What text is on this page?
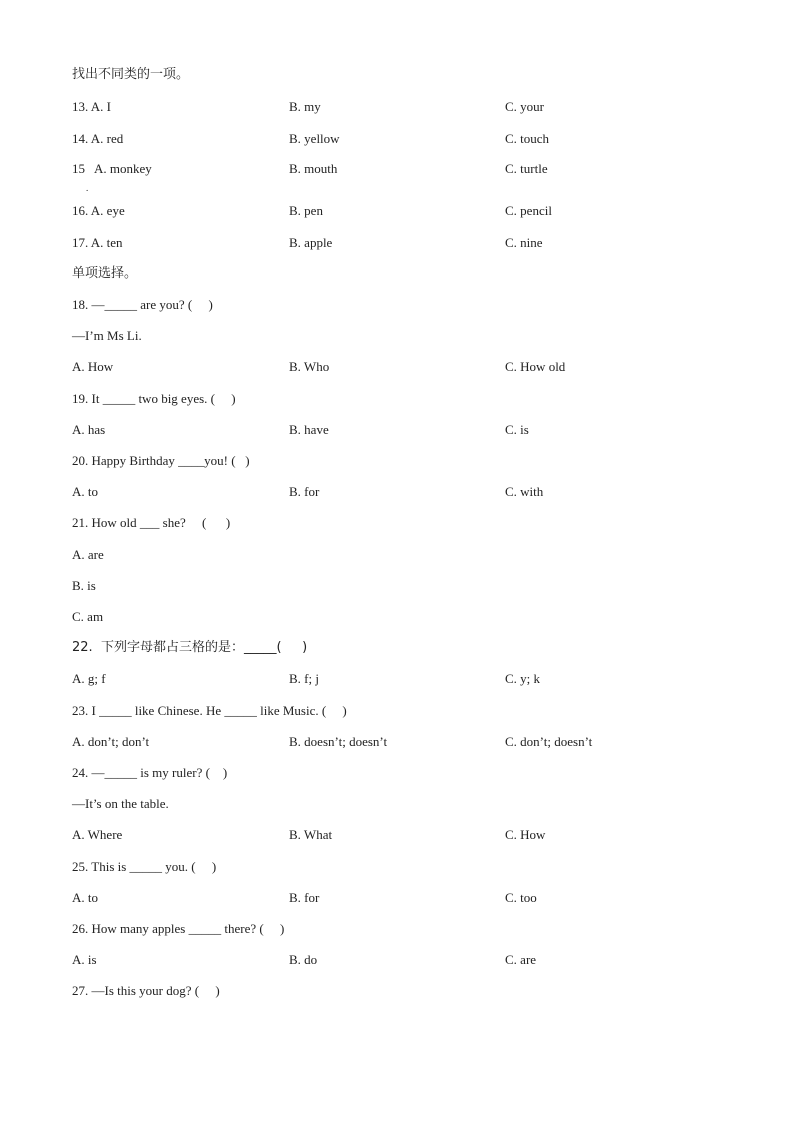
找出不同类的一项。

13. A. I

	B. my

	C. your

14. A. red

	B. yellow

	C. touch

15   A. monkey

	B. mouth

	C. turtle

.

16. A. eye

	B. pen

	C. pencil

17. A. ten

	B. apple

	C. nine

单项选择。

18. —_____ are you? (     )

—I’m Ms Li.

A. How

	B. Who

	C. How old

19. It _____ two big eyes. (     )

A. has

	B. have

	C. is

20. Happy Birthday ____you! (   )

A. to

	B. for

	C. with

21. How old ___ she?     (      )

A. are

B. is

C. am

22.  下列字母都占三格的是：_____(     )

A. g; f

	B. f; j

	C. y; k

23. I _____ like Chinese. He _____ like Music. (     )

A. don’t; don’t

	B. doesn’t; doesn’t

	C. don’t; doesn’t

24. —_____ is my ruler? (    )

—It’s on the table.

A. Where

	B. What

	C. How

25. This is _____ you. (     )

A. to

	B. for

	C. too

26. How many apples _____ there? (     )

A. is

	B. do

	C. are

27. —Is this your dog? (     )
